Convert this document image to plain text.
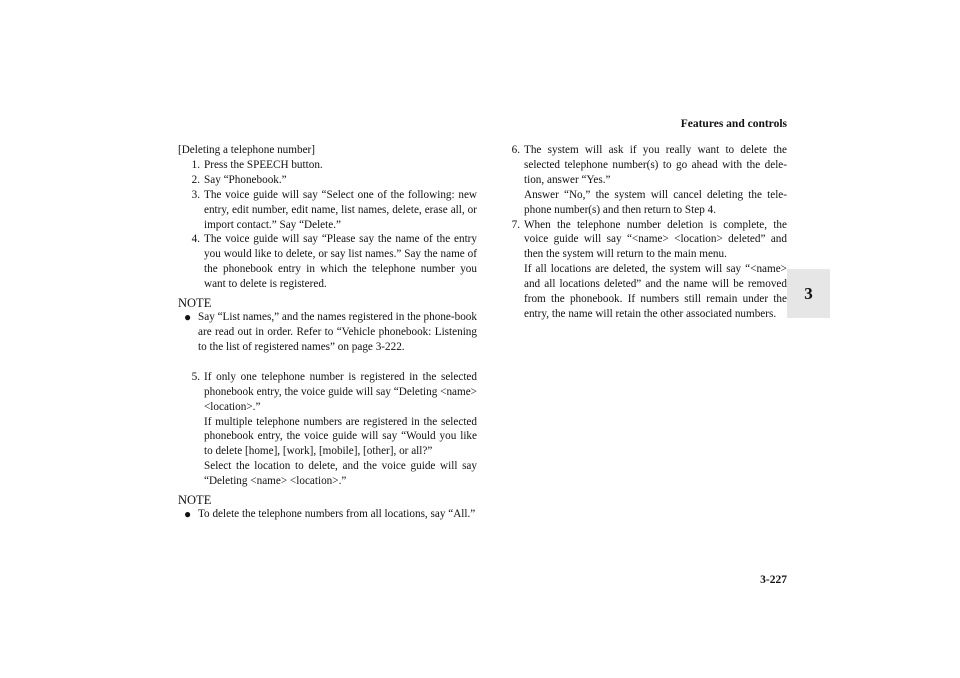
Features and controls
3
3-227

[Deleting a telephone number]

1. Press the SPEECH button.

2. Say “Phonebook.”

3. The voice guide will say “Select one of the following: new entry, edit number, edit name, list names, delete, erase all, or import contact.” Say “Delete.”

4. The voice guide will say “Please say the name of the entry you would like to delete, or say list names.” Say the name of the phonebook entry in which the telephone number you want to delete is registered.

NOTE
● Say “List names,” and the names registered in the phone-book are read out in order. Refer to “Vehicle phonebook: Listening to the list of registered names” on page 3-222.
5. If only one telephone number is registered in the selected phonebook entry, the voice guide will say “Deleting <name> <location>.”

If multiple telephone numbers are registered in the selected phonebook entry, the voice guide will say “Would you like to delete [home], [work], [mobile], [other], or all?”

Select the location to delete, and the voice guide will say “Deleting <name> <location>.”

NOTE
● To delete the telephone numbers from all locations, say “All.”
6. The system will ask if you really want to delete the selected telephone number(s) to go ahead with the dele-tion, answer “Yes.”

Answer “No,” the system will cancel deleting the tele-phone number(s) and then return to Step 4.

7. When the telephone number deletion is complete, the voice guide will say “<name> <location> deleted” and then the system will return to the main menu.

If all locations are deleted, the system will say “<name> and all locations deleted” and the name will be removed from the phonebook. If numbers still remain under the entry, the name will retain the other associated numbers.
